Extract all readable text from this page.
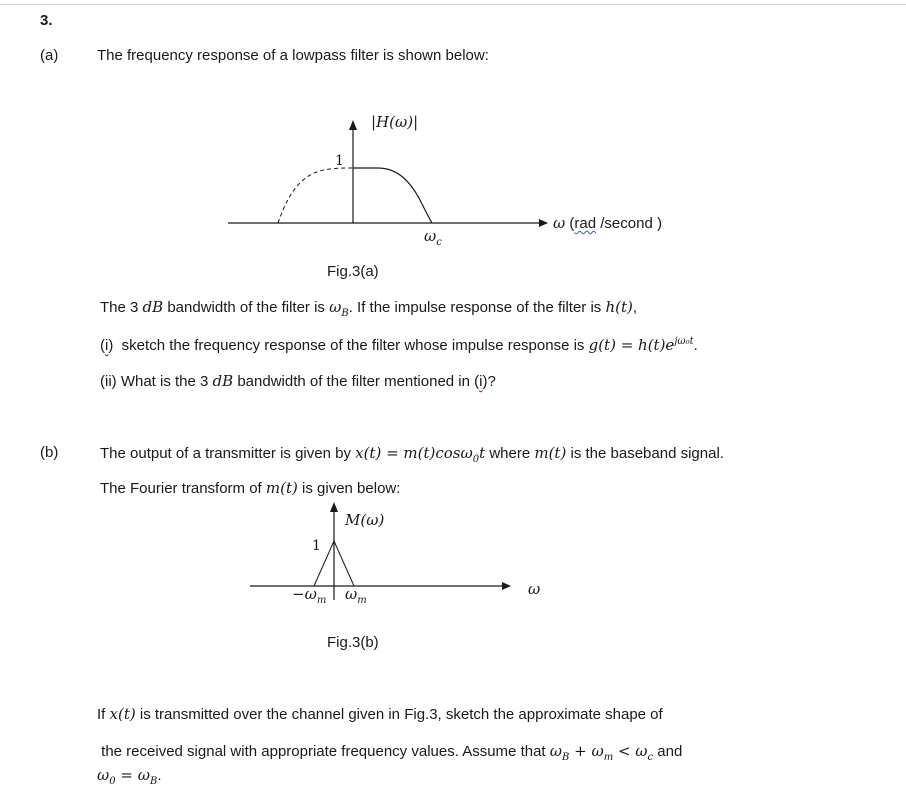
3.
(a)	The frequency response of a lowpass filter is shown below:
|H(ω)|
1
$\omega_c$
M(ω)
1
$-\omega_m$ $\omega_m$
ω
ω (rad /second )
Fig.3(a)
The 3 dB bandwidth of the filter is $\omega_B$. If the impulse response of the filter is h(t),
(i)  sketch the frequency response of the filter whose impulse response is $g(t) = h(t)e^{j\omega_0t}$.
(ii) What is the 3 dB bandwidth of the filter mentioned in (i)?
(b)	The output of a transmitter is given by x(t) = m(t)cosω$_0$t where m(t) is the baseband signal.
The Fourier transform of m(t) is given below:
Fig.3(b)
If x(t) is transmitted over the channel given in Fig.3, sketch the approximate shape of
the received signal with appropriate frequency values. Assume that $\omega_B + \omega_m < \omega_c$ and
$\omega_0 = \omega_B$.
